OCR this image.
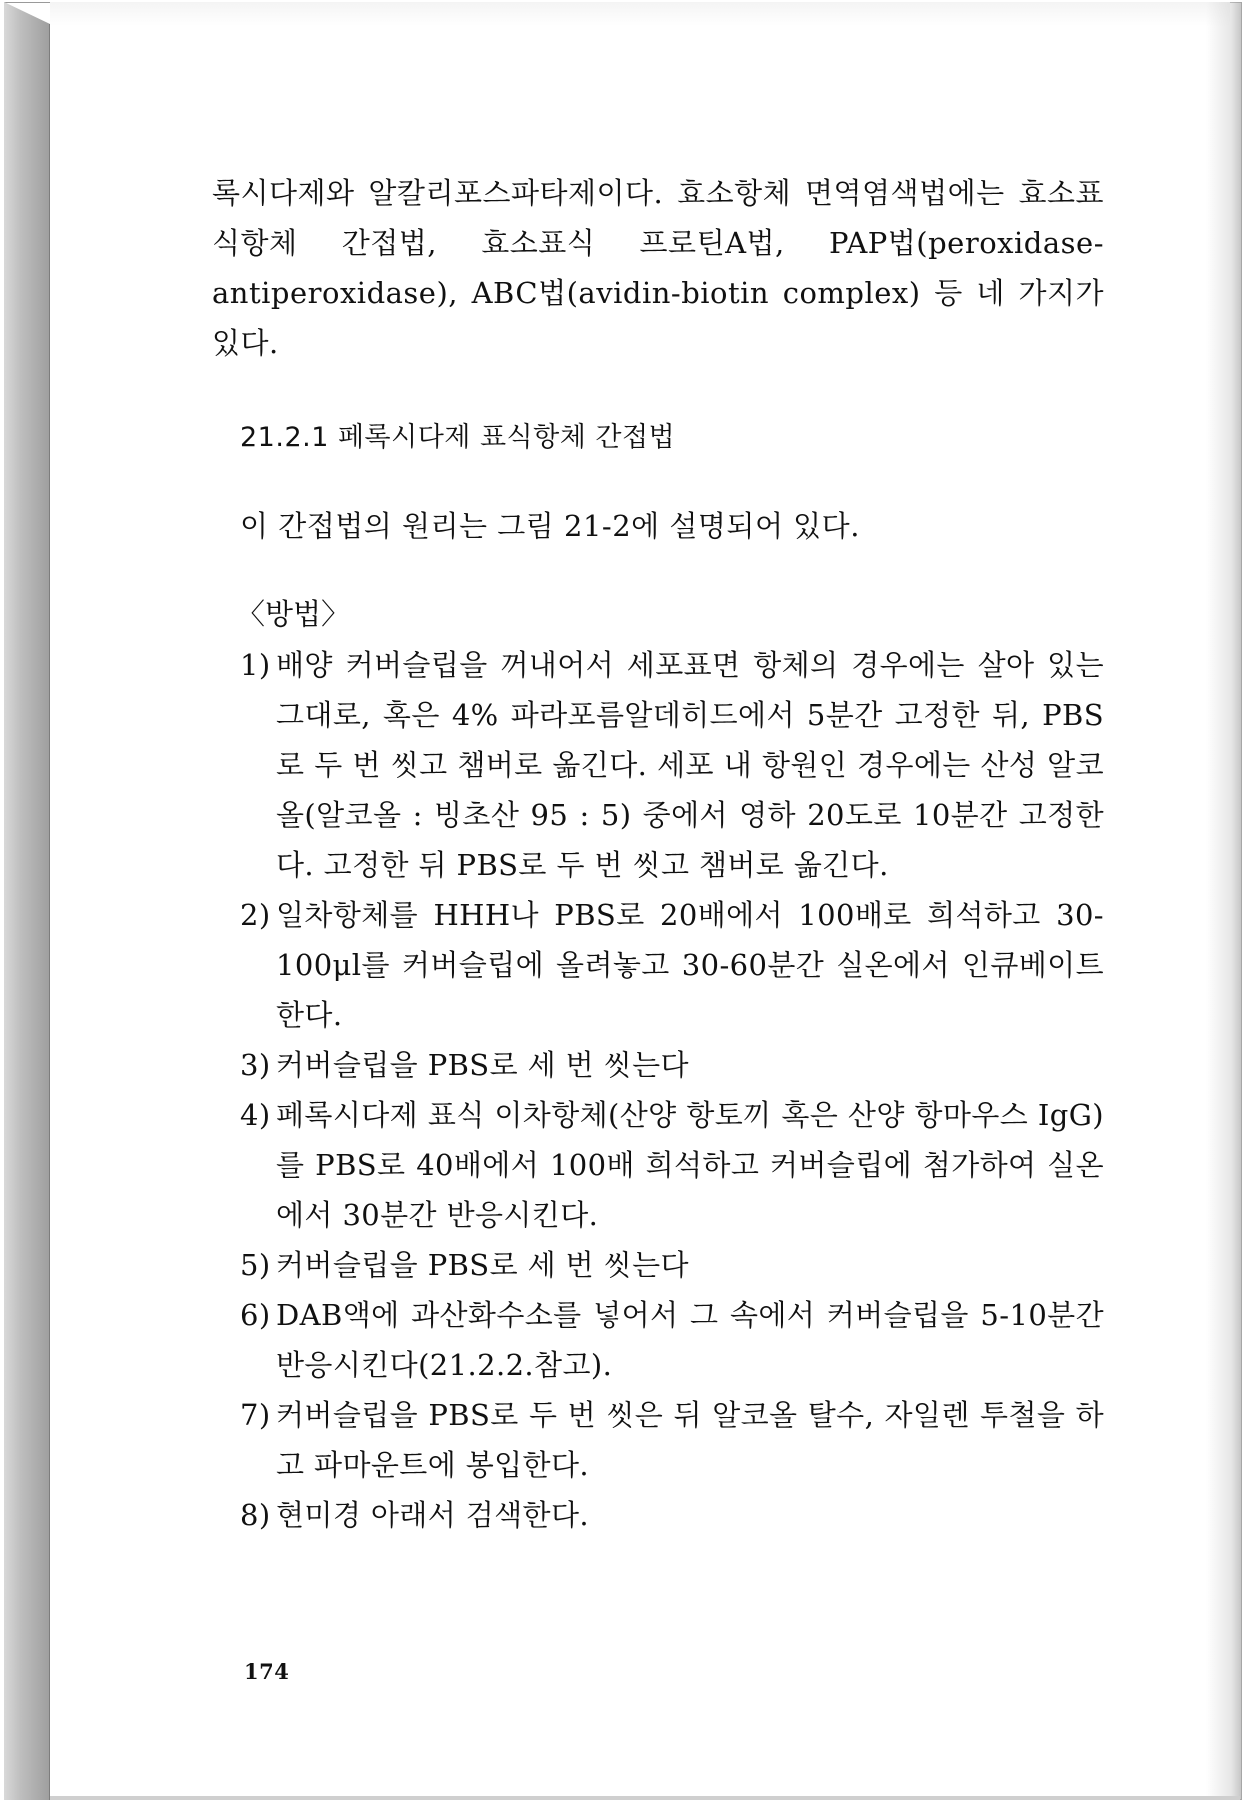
록시다제와 알칼리포스파타제이다. 효소항체 면역염색법에는 효소표식항체 간접법, 효소표식 프로틴A법, PAP법(peroxidase-antiperoxidase), ABC법(avidin-biotin complex) 등 네 가지가 있다.

21.2.1 페록시다제 표식항체 간접법

이 간접법의 원리는 그림 21-2에 설명되어 있다.

〈방법〉
1) 배양 커버슬립을 꺼내어서 세포표면 항체의 경우에는 살아 있는 그대로, 혹은 4% 파라포름알데히드에서 5분간 고정한 뒤, PBS로 두 번 씻고 챔버로 옮긴다. 세포 내 항원인 경우에는 산성 알코올(알코올 : 빙초산 95 : 5) 중에서 영하 20도로 10분간 고정한다. 고정한 뒤 PBS로 두 번 씻고 챔버로 옮긴다.
2) 일차항체를 HHH나 PBS로 20배에서 100배로 희석하고 30-100μl를 커버슬립에 올려놓고 30-60분간 실온에서 인큐베이트한다.
3) 커버슬립을 PBS로 세 번 씻는다
4) 페록시다제 표식 이차항체(산양 항토끼 혹은 산양 항마우스 IgG)를 PBS로 40배에서 100배 희석하고 커버슬립에 첨가하여 실온에서 30분간 반응시킨다.
5) 커버슬립을 PBS로 세 번 씻는다
6) DAB액에 과산화수소를 넣어서 그 속에서 커버슬립을 5-10분간 반응시킨다(21.2.2.참고).
7) 커버슬립을 PBS로 두 번 씻은 뒤 알코올 탈수, 자일렌 투철을 하고 파마운트에 봉입한다.
8) 현미경 아래서 검색한다.
174
